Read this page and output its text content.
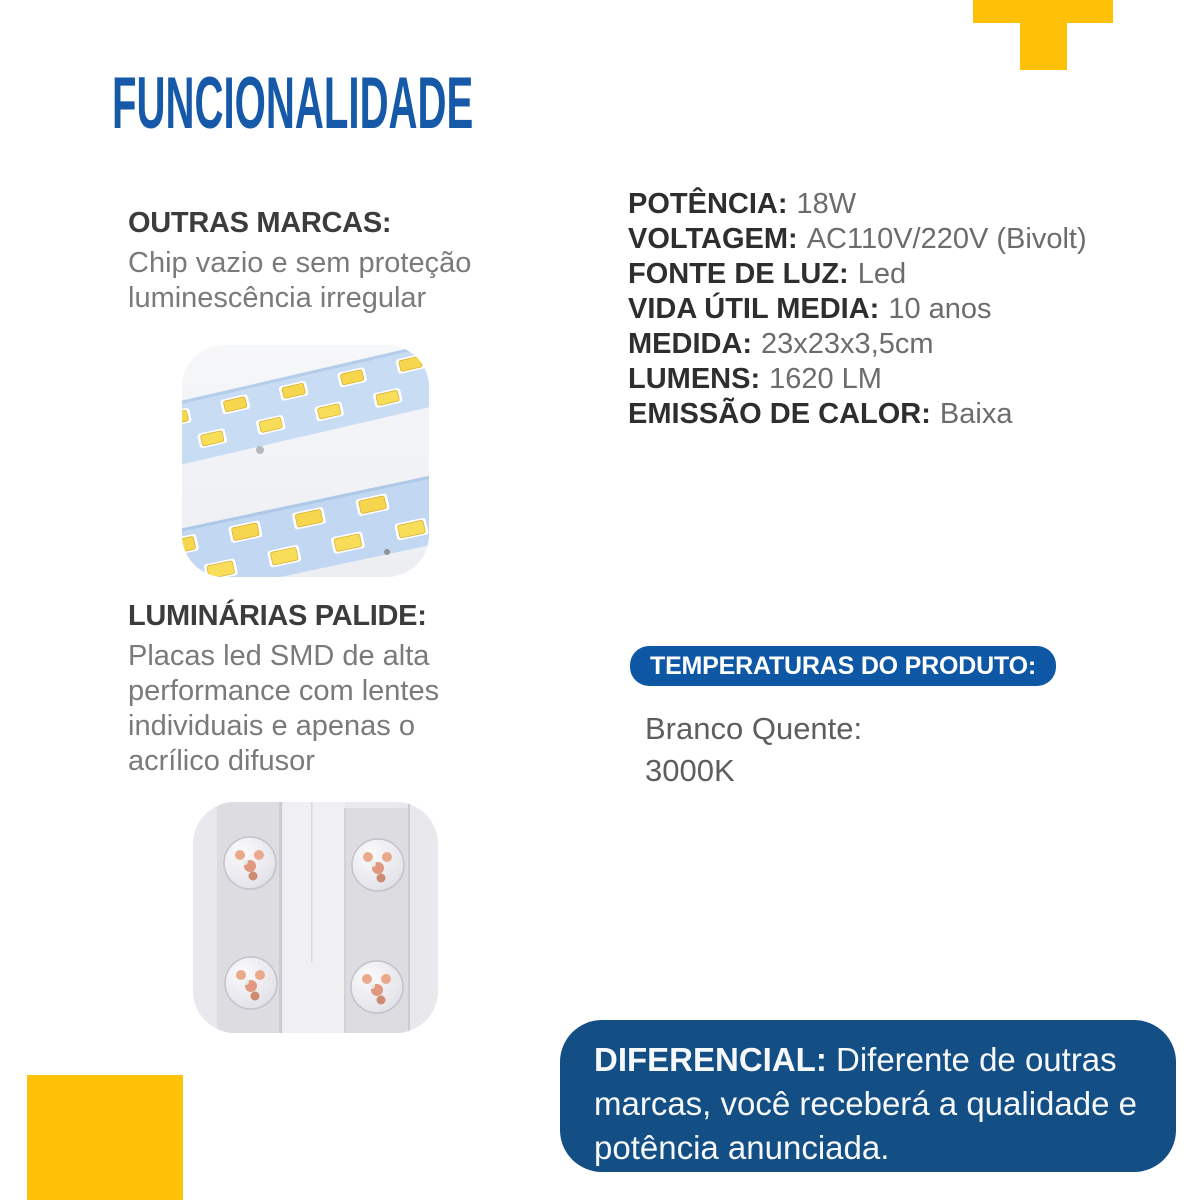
FUNCIONALIDADE
OUTRAS MARCAS:
Chip vazio e sem proteção
luminescência irregular
LUMINÁRIAS PALIDE:
Placas led SMD de alta
performance com lentes
individuais e apenas o
acrílico difusor
POTÊNCIA: 18W
VOLTAGEM: AC110V/220V (Bivolt)
FONTE DE LUZ: Led
VIDA ÚTIL MEDIA: 10 anos
MEDIDA: 23x23x3,5cm
LUMENS: 1620 LM
EMISSÃO DE CALOR: Baixa
TEMPERATURAS DO PRODUTO:
Branco Quente:
3000K
DIFERENCIAL: Diferente de outras marcas, você receberá a qualidade e potência anunciada.
